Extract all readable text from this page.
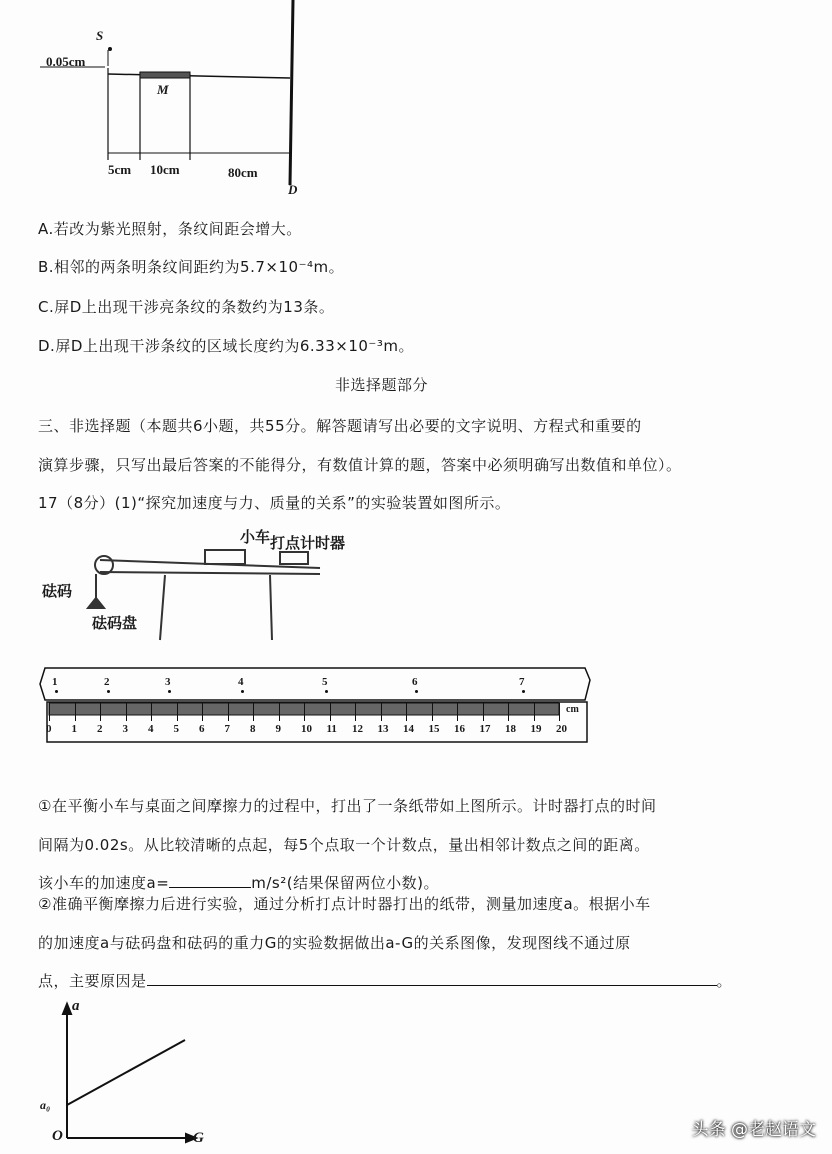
S
0.05cm
M
5cm 10cm	80cm
D
A.若改为紫光照射，条纹间距会增大。
B.相邻的两条明条纹间距约为5.7×10⁻⁴m。
C.屏D上出现干涉亮条纹的条数约为13条。
D.屏D上出现干涉条纹的区域长度约为6.33×10⁻³m。
非选择题部分
三、非选择题（本题共6小题，共55分。解答题请写出必要的文字说明、方程式和重要的
演算步骤，只写出最后答案的不能得分，有数值计算的题，答案中必须明确写出数值和单位）。
17（8分）(1)“探究加速度与力、质量的关系”的实验装置如图所示。
小车 打点计时器
砝码
砝码盘
cm
①在平衡小车与桌面之间摩擦力的过程中，打出了一条纸带如上图所示。计时器打点的时间
间隔为0.02s。从比较清晰的点起，每5个点取一个计数点，量出相邻计数点之间的距离。
该小车的加速度a=	m/s²(结果保留两位小数)。
②准确平衡摩擦力后进行实验，通过分析打点计时器打出的纸带，测量加速度a。根据小车
的加速度a与砝码盘和砝码的重力G的实验数据做出a-G的关系图像，发现图线不通过原
点，主要原因是	。
a
G
O
a₀
头条 @老赵语文
1	2	3	4	5	6	7
0 1 2 3 4 5 6 7 8 9 10 11 12 13 14 15 16 17 18 19 20
